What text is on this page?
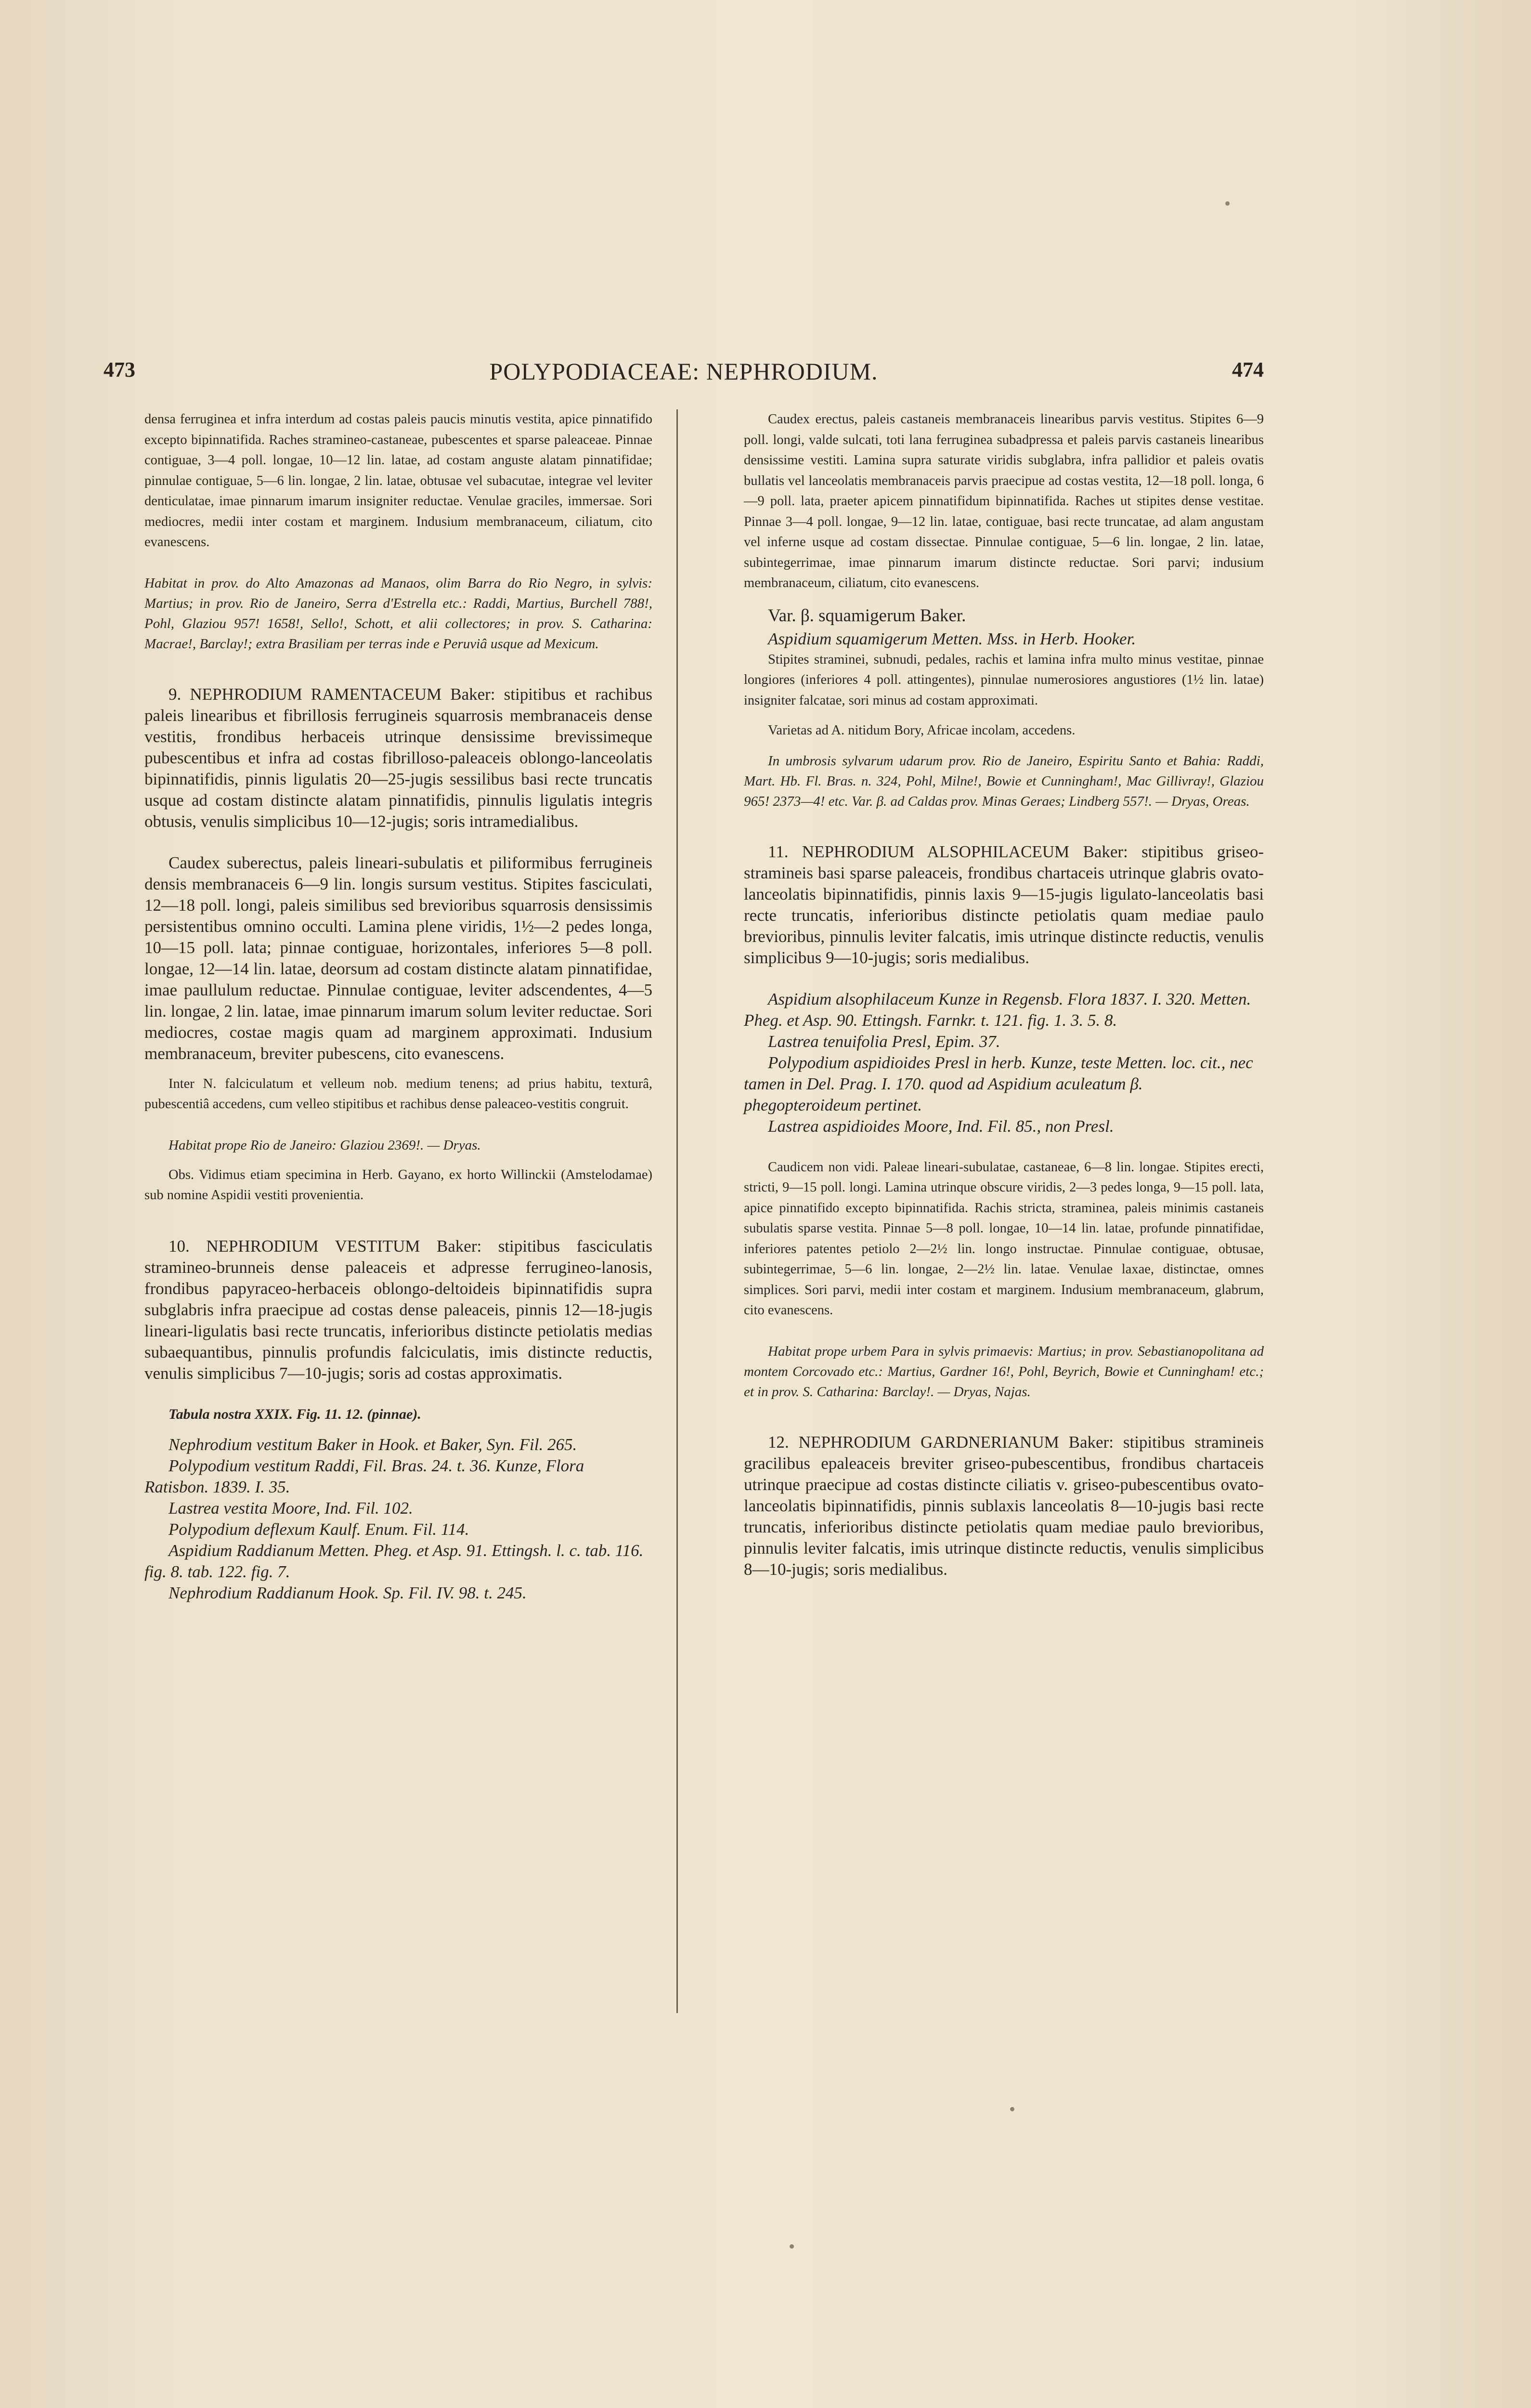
473	POLYPODIACEAE: NEPHRODIUM.	474

densa ferruginea et infra interdum ad costas paleis paucis minutis vestita, apice pinnatifido excepto bipinnatifida. Raches stramineo-castaneae, pubescentes et sparse paleaceae. Pinnae contiguae, 3—4 poll. longae, 10—12 lin. latae, ad costam anguste alatam pinnatifidae; pinnulae contiguae, 5—6 lin. longae, 2 lin. latae, obtusae vel subacutae, integrae vel leviter denticulatae, imae pinnarum imarum insigniter reductae. Venulae graciles, immersae. Sori mediocres, medii inter costam et marginem. Indusium membranaceum, ciliatum, cito evanescens.

Habitat in prov. do Alto Amazonas ad Manaos, olim Barra do Rio Negro, in sylvis: Martius; in prov. Rio de Janeiro, Serra d'Estrella etc.: Raddi, Martius, Burchell 788!, Pohl, Glaziou 957! 1658!, Sello!, Schott, et alii collectores; in prov. S. Catharina: Macrae!, Barclay!; extra Brasiliam per terras inde e Peruviâ usque ad Mexicum.

9. NEPHRODIUM RAMENTACEUM Baker: stipitibus et rachibus paleis linearibus et fibrillosis ferrugineis squarrosis membranaceis dense vestitis, frondibus herbaceis utrinque densissime brevissimeque pubescentibus et infra ad costas fibrilloso-paleaceis oblongo-lanceolatis bipinnatifidis, pinnis ligulatis 20—25-jugis sessilibus basi recte truncatis usque ad costam distincte alatam pinnatifidis, pinnulis ligulatis integris obtusis, venulis simplicibus 10—12-jugis; soris intramedialibus.

Caudex suberectus, paleis lineari-subulatis et piliformibus ferrugineis densis membranaceis 6—9 lin. longis sursum vestitus. Stipites fasciculati, 12—18 poll. longi, paleis similibus sed brevioribus squarrosis densissimis persistentibus omnino occulti. Lamina plene viridis, 1½—2 pedes longa, 10—15 poll. lata; pinnae contiguae, horizontales, inferiores 5—8 poll. longae, 12—14 lin. latae, deorsum ad costam distincte alatam pinnatifidae, imae paullulum reductae. Pinnulae contiguae, leviter adscendentes, 4—5 lin. longae, 2 lin. latae, imae pinnarum imarum solum leviter reductae. Sori mediocres, costae magis quam ad marginem approximati. Indusium membranaceum, breviter pubescens, cito evanescens.

Inter N. falciculatum et velleum nob. medium tenens; ad prius habitu, texturâ, pubescentiâ accedens, cum velleo stipitibus et rachibus dense paleaceo-vestitis congruit.

Habitat prope Rio de Janeiro: Glaziou 2369!. — Dryas.

Obs. Vidimus etiam specimina in Herb. Gayano, ex horto Willinckii (Amstelodamae) sub nomine Aspidii vestiti provenientia.

10. NEPHRODIUM VESTITUM Baker: stipitibus fasciculatis stramineo-brunneis dense paleaceis et adpresse ferrugineo-lanosis, frondibus papyraceo-herbaceis oblongo-deltoideis bipinnatifidis supra subglabris infra praecipue ad costas dense paleaceis, pinnis 12—18-jugis lineari-ligulatis basi recte truncatis, inferioribus distincte petiolatis medias subaequantibus, pinnulis profundis falciculatis, imis distincte reductis, venulis simplicibus 7—10-jugis; soris ad costas approximatis.

Tabula nostra XXIX. Fig. 11. 12. (pinnae).

Nephrodium vestitum Baker in Hook. et Baker, Syn. Fil. 265.

Polypodium vestitum Raddi, Fil. Bras. 24. t. 36. Kunze, Flora Ratisbon. 1839. I. 35.

Lastrea vestita Moore, Ind. Fil. 102.

Polypodium deflexum Kaulf. Enum. Fil. 114.

Aspidium Raddianum Metten. Pheg. et Asp. 91. Ettingsh. l. c. tab. 116. fig. 8. tab. 122. fig. 7.

Nephrodium Raddianum Hook. Sp. Fil. IV. 98. t. 245.

Caudex erectus, paleis castaneis membranaceis linearibus parvis vestitus. Stipites 6—9 poll. longi, valde sulcati, toti lana ferruginea subadpressa et paleis parvis castaneis linearibus densissime vestiti. Lamina supra saturate viridis subglabra, infra pallidior et paleis ovatis bullatis vel lanceolatis membranaceis parvis praecipue ad costas vestita, 12—18 poll. longa, 6—9 poll. lata, praeter apicem pinnatifidum bipinnatifida. Raches ut stipites dense vestitae. Pinnae 3—4 poll. longae, 9—12 lin. latae, contiguae, basi recte truncatae, ad alam angustam vel inferne usque ad costam dissectae. Pinnulae contiguae, 5—6 lin. longae, 2 lin. latae, subintegerrimae, imae pinnarum imarum distincte reductae. Sori parvi; indusium membranaceum, ciliatum, cito evanescens.

Var. β. squamigerum Baker.

Aspidium squamigerum Metten. Mss. in Herb. Hooker.

Stipites straminei, subnudi, pedales, rachis et lamina infra multo minus vestitae, pinnae longiores (inferiores 4 poll. attingentes), pinnulae numerosiores angustiores (1½ lin. latae) insigniter falcatae, sori minus ad costam approximati.

Varietas ad A. nitidum Bory, Africae incolam, accedens.

In umbrosis sylvarum udarum prov. Rio de Janeiro, Espiritu Santo et Bahia: Raddi, Mart. Hb. Fl. Bras. n. 324, Pohl, Milne!, Bowie et Cunningham!, Mac Gillivray!, Glaziou 965! 2373—4! etc. Var. β. ad Caldas prov. Minas Geraes; Lindberg 557!. — Dryas, Oreas.

11. NEPHRODIUM ALSOPHILACEUM Baker: stipitibus griseo-stramineis basi sparse paleaceis, frondibus chartaceis utrinque glabris ovato-lanceolatis bipinnatifidis, pinnis laxis 9—15-jugis ligulato-lanceolatis basi recte truncatis, inferioribus distincte petiolatis quam mediae paulo brevioribus, pinnulis leviter falcatis, imis utrinque distincte reductis, venulis simplicibus 9—10-jugis; soris medialibus.

Aspidium alsophilaceum Kunze in Regensb. Flora 1837. I. 320. Metten. Pheg. et Asp. 90. Ettingsh. Farnkr. t. 121. fig. 1. 3. 5. 8.

Lastrea tenuifolia Presl, Epim. 37.

Polypodium aspidioides Presl in herb. Kunze, teste Metten. loc. cit., nec tamen in Del. Prag. I. 170. quod ad Aspidium aculeatum β. phegopteroideum pertinet.

Lastrea aspidioides Moore, Ind. Fil. 85., non Presl.

Caudicem non vidi. Paleae lineari-subulatae, castaneae, 6—8 lin. longae. Stipites erecti, stricti, 9—15 poll. longi. Lamina utrinque obscure viridis, 2—3 pedes longa, 9—15 poll. lata, apice pinnatifido excepto bipinnatifida. Rachis stricta, straminea, paleis minimis castaneis subulatis sparse vestita. Pinnae 5—8 poll. longae, 10—14 lin. latae, profunde pinnatifidae, inferiores patentes petiolo 2—2½ lin. longo instructae. Pinnulae contiguae, obtusae, subintegerrimae, 5—6 lin. longae, 2—2½ lin. latae. Venulae laxae, distinctae, omnes simplices. Sori parvi, medii inter costam et marginem. Indusium membranaceum, glabrum, cito evanescens.

Habitat prope urbem Para in sylvis primaevis: Martius; in prov. Sebastianopolitana ad montem Corcovado etc.: Martius, Gardner 16!, Pohl, Beyrich, Bowie et Cunningham! etc.; et in prov. S. Catharina: Barclay!. — Dryas, Najas.

12. NEPHRODIUM GARDNERIANUM Baker: stipitibus stramineis gracilibus epaleaceis breviter griseo-pubescentibus, frondibus chartaceis utrinque praecipue ad costas distincte ciliatis v. griseo-pubescentibus ovato-lanceolatis bipinnatifidis, pinnis sublaxis lanceolatis 8—10-jugis basi recte truncatis, inferioribus distincte petiolatis quam mediae paulo brevioribus, pinnulis leviter falcatis, imis utrinque distincte reductis, venulis simplicibus 8—10-jugis; soris medialibus.
